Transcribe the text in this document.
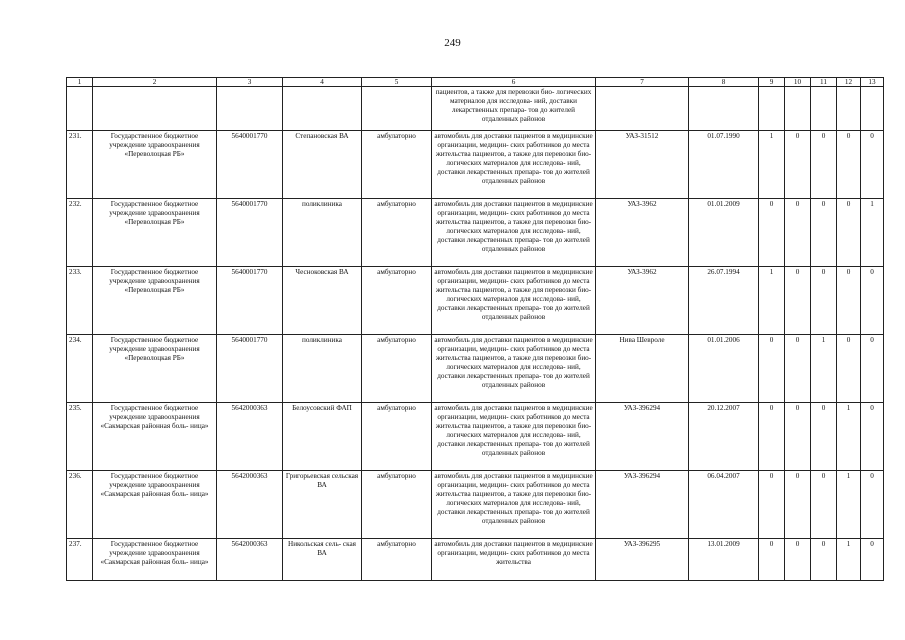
249
1	2	3	4	5	6	7	8	9	10	11	12	13
					пациентов, а также для перевозки био- логических материалов для исследова- ний, доставки лекарственных препара- тов до жителей отдаленных районов							
231.	Государственное бюджетное учреждение здравоохранения «Переволоцкая РБ»	5640001770	Степановская ВА	амбулаторно	автомобиль для доставки пациентов в медицинские организации, медицин- ских работников до места жительства пациентов, а также для перевозки био- логических материалов для исследова- ний, доставки лекарственных препара- тов до жителей отдаленных районов	УАЗ-31512	01.07.1990	1	0	0	0	0
232.	Государственное бюджетное учреждение здравоохранения «Переволоцкая РБ»	5640001770	поликлиника	амбулаторно	автомобиль для доставки пациентов в медицинские организации, медицин- ских работников до места жительства пациентов, а также для перевозки био- логических материалов для исследова- ний, доставки лекарственных препара- тов до жителей отдаленных районов	УАЗ-3962	01.01.2009	0	0	0	0	1
233.	Государственное бюджетное учреждение здравоохранения «Переволоцкая РБ»	5640001770	Чесноковская ВА	амбулаторно	автомобиль для доставки пациентов в медицинские организации, медицин- ских работников до места жительства пациентов, а также для перевозки био- логических материалов для исследова- ний, доставки лекарственных препара- тов до жителей отдаленных районов	УАЗ-3962	26.07.1994	1	0	0	0	0
234.	Государственное бюджетное учреждение здравоохранения «Переволоцкая РБ»	5640001770	поликлиника	амбулаторно	автомобиль для доставки пациентов в медицинские организации, медицин- ских работников до места жительства пациентов, а также для перевозки био- логических материалов для исследова- ний, доставки лекарственных препара- тов до жителей отдаленных районов	Нива Шевроле	01.01.2006	0	0	1	0	0
235.	Государственное бюджетное учреждение здравоохранения «Сакмарская районная боль- ница»	5642000363	Белоусовский ФАП	амбулаторно	автомобиль для доставки пациентов в медицинские организации, медицин- ских работников до места жительства пациентов, а также для перевозки био- логических материалов для исследова- ний, доставки лекарственных препара- тов до жителей отдаленных районов	УАЗ-396294	20.12.2007	0	0	0	1	0
236.	Государственное бюджетное учреждение здравоохранения «Сакмарская районная боль- ница»	5642000363	Григорьевская сельская ВА	амбулаторно	автомобиль для доставки пациентов в медицинские организации, медицин- ских работников до места жительства пациентов, а также для перевозки био- логических материалов для исследова- ний, доставки лекарственных препара- тов до жителей отдаленных районов	УАЗ-396294	06.04.2007	0	0	0	1	0
237.	Государственное бюджетное учреждение здравоохранения «Сакмарская районная боль- ница»	5642000363	Никольская сель- ская ВА	амбулаторно	автомобиль для доставки пациентов в медицинские организации, медицин- ских работников до места жительства	УАЗ-396295	13.01.2009	0	0	0	1	0
